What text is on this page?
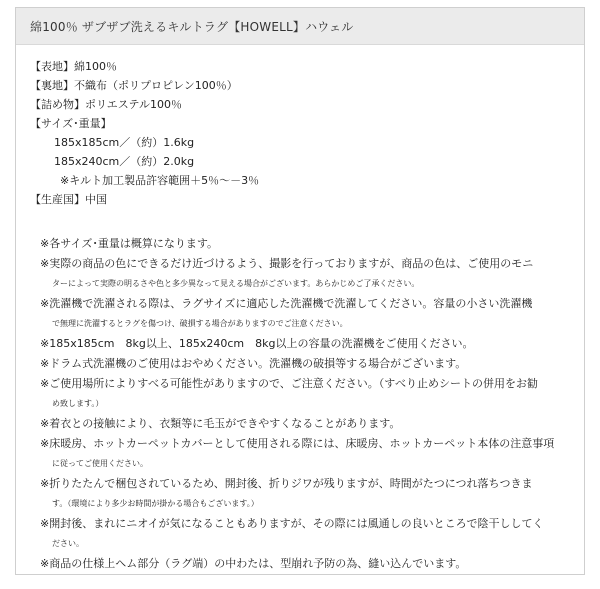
綿100％ ザブザブ洗えるキルトラグ【HOWELL】ハウェル
【表地】綿100％
【裏地】不織布（ポリプロピレン100％）
【詰め物】ポリエステル100％
【サイズ･重量】
185x185cm／（約）1.6kg
185x240cm／（約）2.0kg
※キルト加工製品許容範囲＋5％～－3％
【生産国】中国
※各サイズ･重量は概算になります。
※実際の商品の色にできるだけ近づけるよう、撮影を行っておりますが、商品の色は、ご使用のモニ
ターによって実際の明るさや色と多少異なって見える場合がございます。あらかじめご了承ください。
※洗濯機で洗濯される際は、ラグサイズに適応した洗濯機で洗濯してください。容量の小さい洗濯機
で無理に洗濯するとラグを傷つけ、破損する場合がありますのでご注意ください。
※185x185cm　8kg以上、185x240cm　8kg以上の容量の洗濯機をご使用ください。
※ドラム式洗濯機のご使用はおやめください。洗濯機の破損等する場合がございます。
※ご使用場所によりすべる可能性がありますので、ご注意ください。（すべり止めシートの併用をお勧
め致します。）
※着衣との接触により、衣類等に毛玉ができやすくなることがあります。
※床暖房、ホットカーペットカバーとして使用される際には、床暖房、ホットカーペット本体の注意事項
に従ってご使用ください。
※折りたたんで梱包されているため、開封後、折りジワが残りますが、時間がたつにつれ落ちつきま
す。（環境により多少お時間が掛かる場合もございます。）
※開封後、まれにニオイが気になることもありますが、その際には風通しの良いところで陰干ししてく
ださい。
※商品の仕様上ヘム部分（ラグ端）の中わたは、型崩れ予防の為、縫い込んでいます。
